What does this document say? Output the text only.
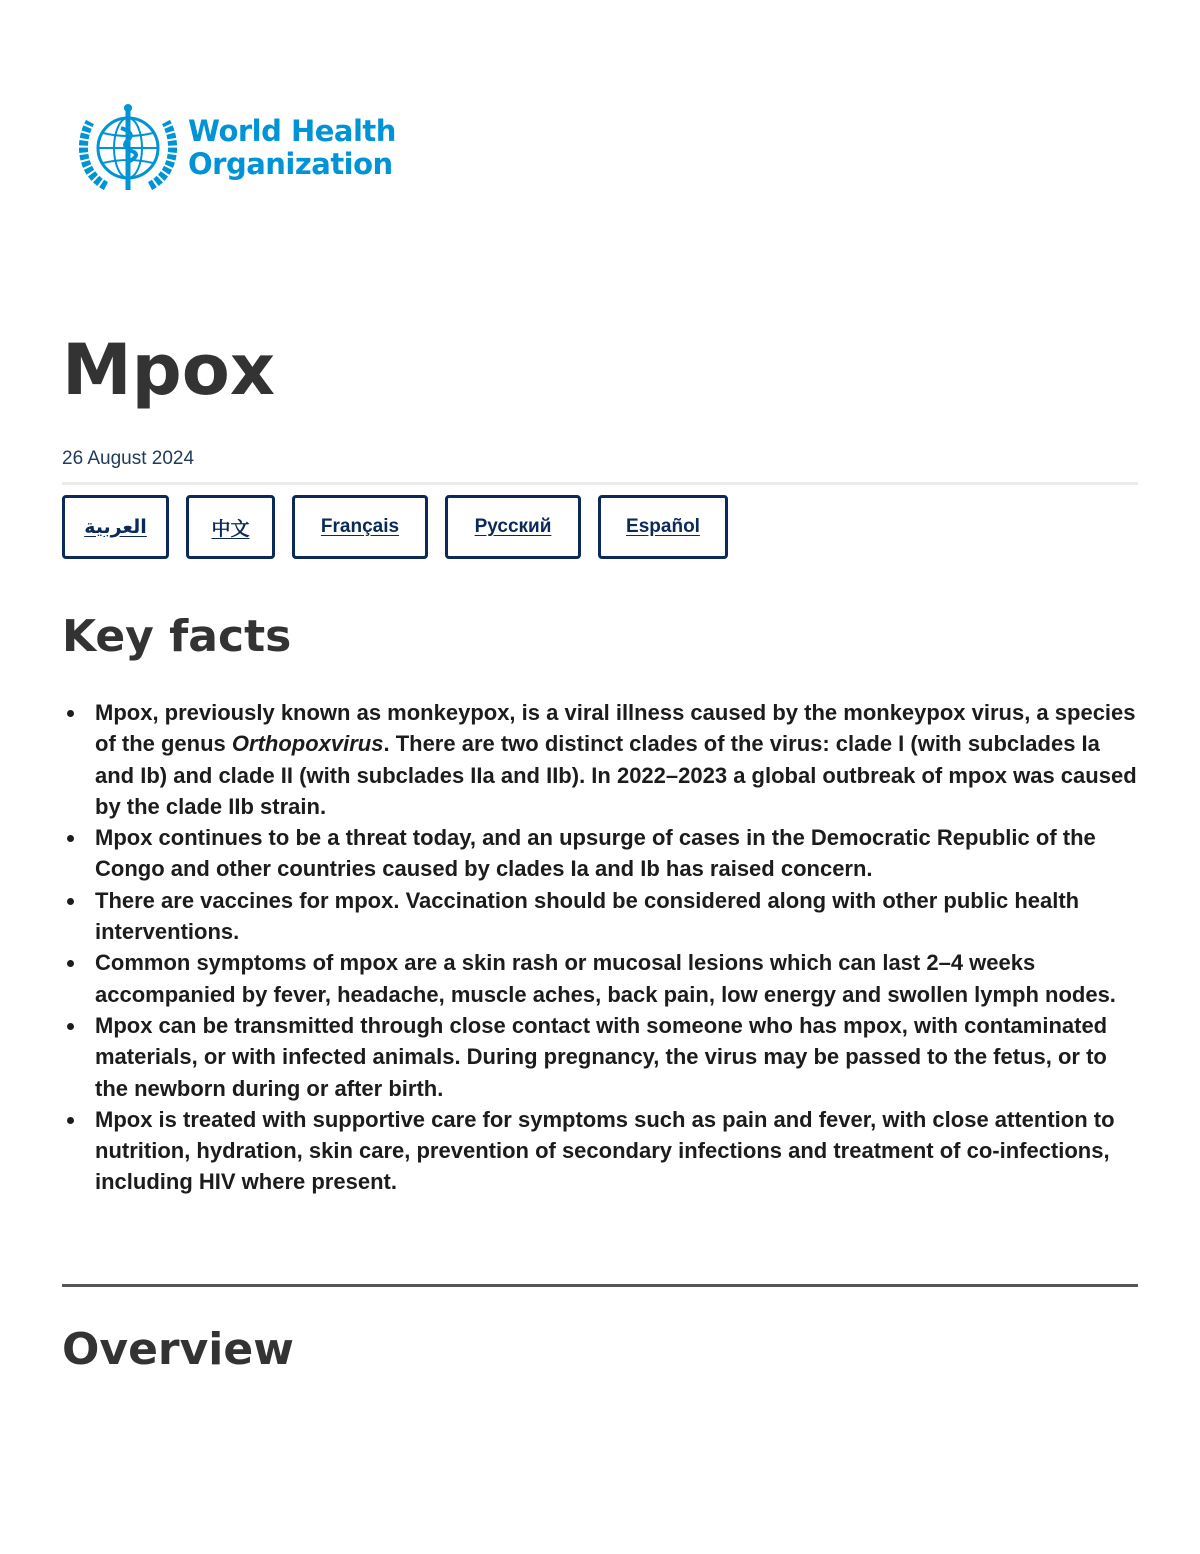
World Health
Organization
Mpox
26 August 2024
العربية	中文	Français	Русский	Español
Key facts
Mpox, previously known as monkeypox, is a viral illness caused by the monkeypox virus, a species of the genus Orthopoxvirus. There are two distinct clades of the virus: clade I (with subclades Ia and Ib) and clade II (with subclades IIa and IIb). In 2022–2023 a global outbreak of mpox was caused by the clade IIb strain.
Mpox continues to be a threat today, and an upsurge of cases in the Democratic Republic of the Congo and other countries caused by clades Ia and Ib has raised concern.
There are vaccines for mpox. Vaccination should be considered along with other public health interventions.
Common symptoms of mpox are a skin rash or mucosal lesions which can last 2–4 weeks accompanied by fever, headache, muscle aches, back pain, low energy and swollen lymph nodes.
Mpox can be transmitted through close contact with someone who has mpox, with contaminated materials, or with infected animals. During pregnancy, the virus may be passed to the fetus, or to the newborn during or after birth.
Mpox is treated with supportive care for symptoms such as pain and fever, with close attention to nutrition, hydration, skin care, prevention of secondary infections and treatment of co-infections, including HIV where present.
Overview
